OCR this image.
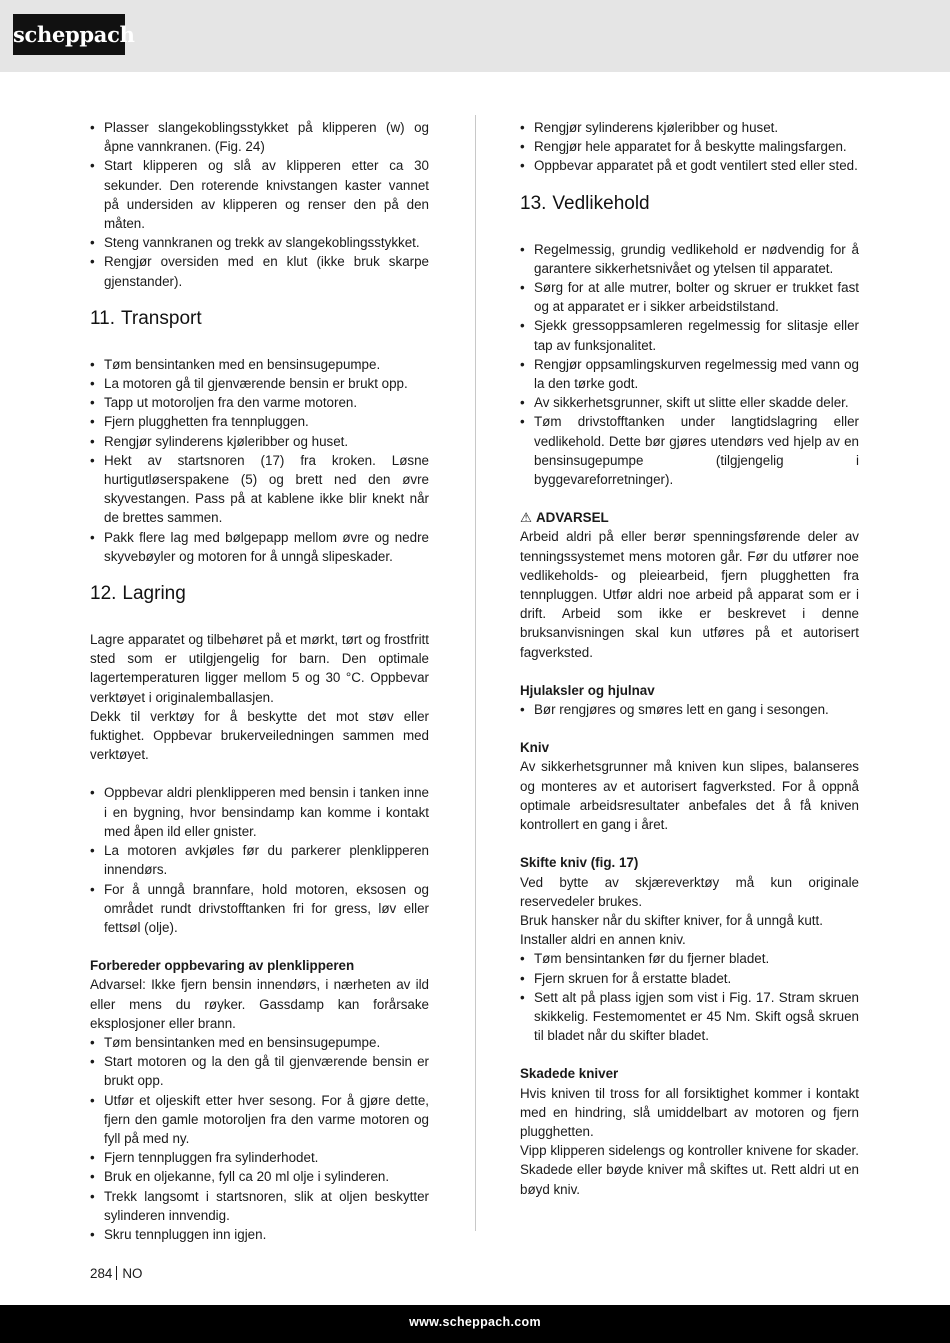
scheppach
• Plasser slangekoblingsstykket på klipperen (w) og åpne vannkranen. (Fig. 24)
• Start klipperen og slå av klipperen etter ca 30 sekunder. Den roterende knivstangen kaster vannet på undersiden av klipperen og renser den på den måten.
• Steng vannkranen og trekk av slangekoblingsstykket.
• Rengjør oversiden med en klut (ikke bruk skarpe gjenstander).
11. Transport
• Tøm bensintanken med en bensinsugepumpe.
• La motoren gå til gjenværende bensin er brukt opp.
• Tapp ut motoroljen fra den varme motoren.
• Fjern plugghetten fra tennpluggen.
• Rengjør sylinderens kjøleribber og huset.
• Hekt av startsnoren (17) fra kroken. Løsne hurtigutløserspakene (5) og brett ned den øvre skyvestangen. Pass på at kablene ikke blir knekt når de brettes sammen.
• Pakk flere lag med bølgepapp mellom øvre og nedre skyvebøyler og motoren for å unngå slipeskader.
12. Lagring

Lagre apparatet og tilbehøret på et mørkt, tørt og frostfritt sted som er utilgjengelig for barn. Den optimale lagertemperaturen ligger mellom 5 og 30 °C. Oppbevar verktøyet i originalemballasjen.

Dekk til verktøy for å beskytte det mot støv eller fuktighet. Oppbevar brukerveiledningen sammen med verktøyet.

• Oppbevar aldri plenklipperen med bensin i tanken inne i en bygning, hvor bensindamp kan komme i kontakt med åpen ild eller gnister.
• La motoren avkjøles før du parkerer plenklipperen innendørs.
• For å unngå brannfare, hold motoren, eksosen og området rundt drivstofftanken fri for gress, løv eller fettsøl (olje).
Forbereder oppbevaring av plenklipperen

Advarsel: Ikke fjern bensin innendørs, i nærheten av ild eller mens du røyker. Gassdamp kan forårsake eksplosjoner eller brann.

• Tøm bensintanken med en bensinsugepumpe.
• Start motoren og la den gå til gjenværende bensin er brukt opp.
• Utfør et oljeskift etter hver sesong. For å gjøre dette, fjern den gamle motoroljen fra den varme motoren og fyll på med ny.
• Fjern tennpluggen fra sylinderhodet.
• Bruk en oljekanne, fyll ca 20 ml olje i sylinderen.
• Trekk langsomt i startsnoren, slik at oljen beskytter sylinderen innvendig.
• Skru tennpluggen inn igjen.
• Rengjør sylinderens kjøleribber og huset.
• Rengjør hele apparatet for å beskytte malingsfargen.
• Oppbevar apparatet på et godt ventilert sted eller sted.
13. Vedlikehold
• Regelmessig, grundig vedlikehold er nødvendig for å garantere sikkerhetsnivået og ytelsen til apparatet.
• Sørg for at alle mutrer, bolter og skruer er trukket fast og at apparatet er i sikker arbeidstilstand.
• Sjekk gressoppsamleren regelmessig for slitasje eller tap av funksjonalitet.
• Rengjør oppsamlingskurven regelmessig med vann og la den tørke godt.
• Av sikkerhetsgrunner, skift ut slitte eller skadde deler.
• Tøm drivstofftanken under langtidslagring eller vedlikehold. Dette bør gjøres utendørs ved hjelp av en bensinsugepumpe (tilgjengelig i byggevareforretninger).
⚠ ADVARSEL

Arbeid aldri på eller berør spenningsførende deler av tenningssystemet mens motoren går. Før du utfører noe vedlikeholds- og pleiearbeid, fjern plugghetten fra tennpluggen. Utfør aldri noe arbeid på apparat som er i drift. Arbeid som ikke er beskrevet i denne bruksanvisningen skal kun utføres på et autorisert fagverksted.

Hjulaksler og hjulnav
• Bør rengjøres og smøres lett en gang i sesongen.
Kniv

Av sikkerhetsgrunner må kniven kun slipes, balanseres og monteres av et autorisert fagverksted. For å oppnå optimale arbeidsresultater anbefales det å få kniven kontrollert en gang i året.

Skifte kniv (fig. 17)

Ved bytte av skjæreverktøy må kun originale reservedeler brukes.

Bruk hansker når du skifter kniver, for å unngå kutt.

Installer aldri en annen kniv.

• Tøm bensintanken før du fjerner bladet.
• Fjern skruen for å erstatte bladet.
• Sett alt på plass igjen som vist i Fig. 17. Stram skruen skikkelig. Festemomentet er 45 Nm. Skift også skruen til bladet når du skifter bladet.
Skadede kniver

Hvis kniven til tross for all forsiktighet kommer i kontakt med en hindring, slå umiddelbart av motoren og fjern plugghetten.

Vipp klipperen sidelengs og kontroller knivene for skader. Skadede eller bøyde kniver må skiftes ut. Rett aldri ut en bøyd kniv.

284 NO
www.scheppach.com
